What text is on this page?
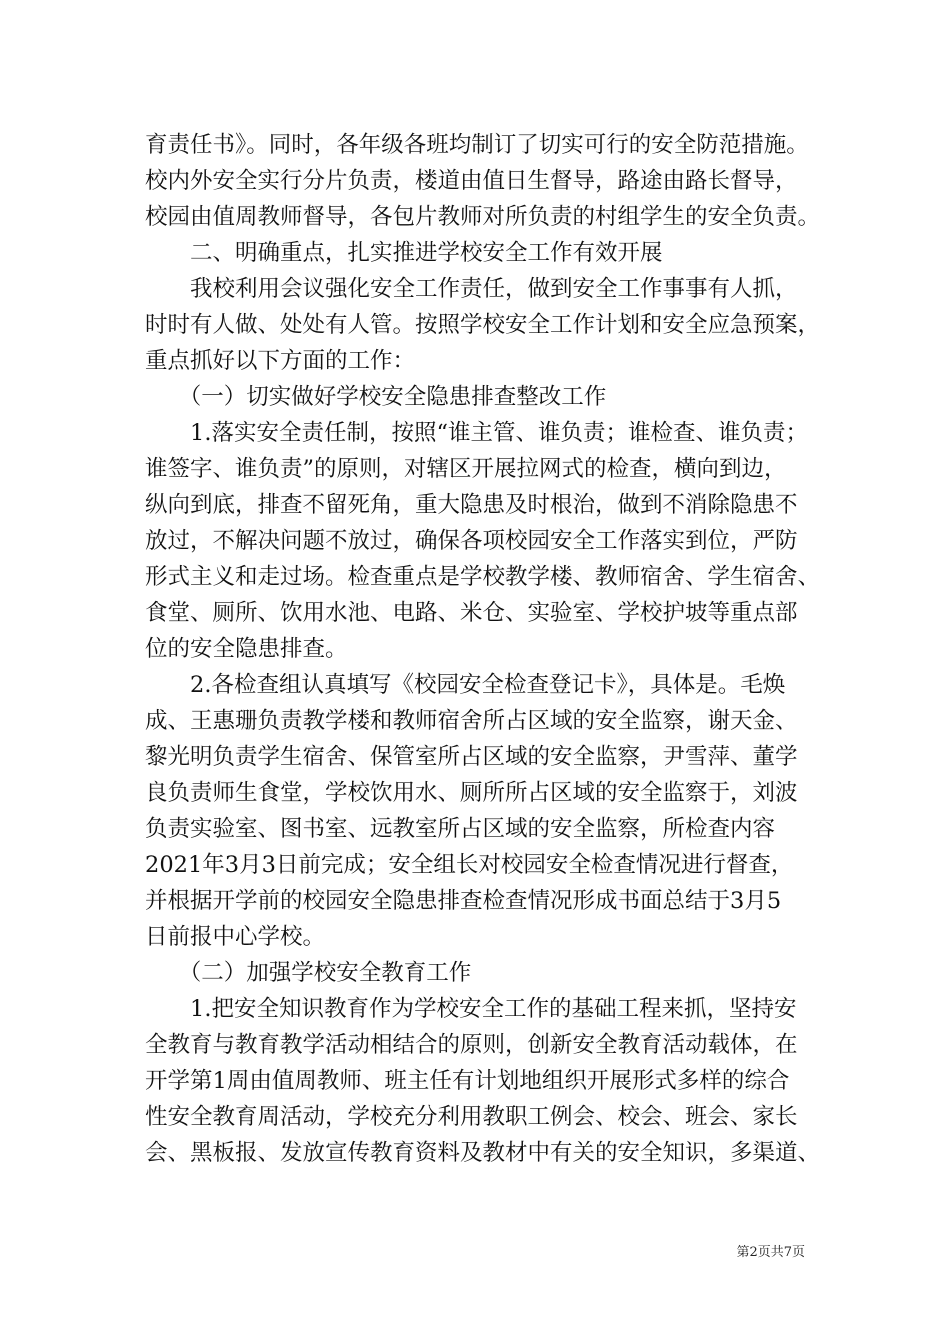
育责任书》。同时，各年级各班均制订了切实可行的安全防范措施。
校内外安全实行分片负责，楼道由值日生督导，路途由路长督导，
校园由值周教师督导，各包片教师对所负责的村组学生的安全负责。
　　二、明确重点，扎实推进学校安全工作有效开展
　　我校利用会议强化安全工作责任，做到安全工作事事有人抓，
时时有人做、处处有人管。按照学校安全工作计划和安全应急预案，
重点抓好以下方面的工作：
　　（一）切实做好学校安全隐患排查整改工作
　　1.落实安全责任制，按照“谁主管、谁负责；谁检查、谁负责；
谁签字、谁负责”的原则，对辖区开展拉网式的检查，横向到边，
纵向到底，排查不留死角，重大隐患及时根治，做到不消除隐患不
放过，不解决问题不放过，确保各项校园安全工作落实到位，严防
形式主义和走过场。检查重点是学校教学楼、教师宿舍、学生宿舍、
食堂、厕所、饮用水池、电路、米仓、实验室、学校护坡等重点部
位的安全隐患排查。
　　2.各检查组认真填写《校园安全检查登记卡》，具体是。毛焕
成、王惠珊负责教学楼和教师宿舍所占区域的安全监察，谢天金、
黎光明负责学生宿舍、保管室所占区域的安全监察，尹雪萍、董学
良负责师生食堂，学校饮用水、厕所所占区域的安全监察于，刘波
负责实验室、图书室、远教室所占区域的安全监察，所检查内容
2021年3月3日前完成；安全组长对校园安全检查情况进行督查，
并根据开学前的校园安全隐患排查检查情况形成书面总结于3月5
日前报中心学校。
　　（二）加强学校安全教育工作
　　1.把安全知识教育作为学校安全工作的基础工程来抓，坚持安
全教育与教育教学活动相结合的原则，创新安全教育活动载体，在
开学第1周由值周教师、班主任有计划地组织开展形式多样的综合
性安全教育周活动，学校充分利用教职工例会、校会、班会、家长
会、黑板报、发放宣传教育资料及教材中有关的安全知识，多渠道、
第2页共7页
